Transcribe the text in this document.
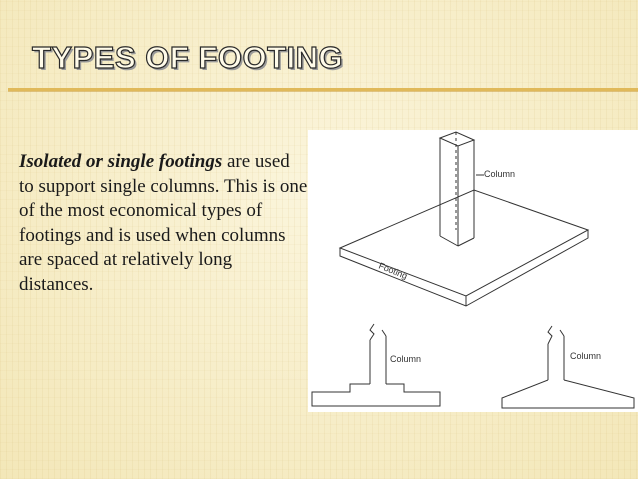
TYPES OF FOOTING
Isolated or single footings are used to support single columns. This is one of the most economical types of footings and is used when columns are spaced at relatively long distances.
Column
Footing
Column	Column
